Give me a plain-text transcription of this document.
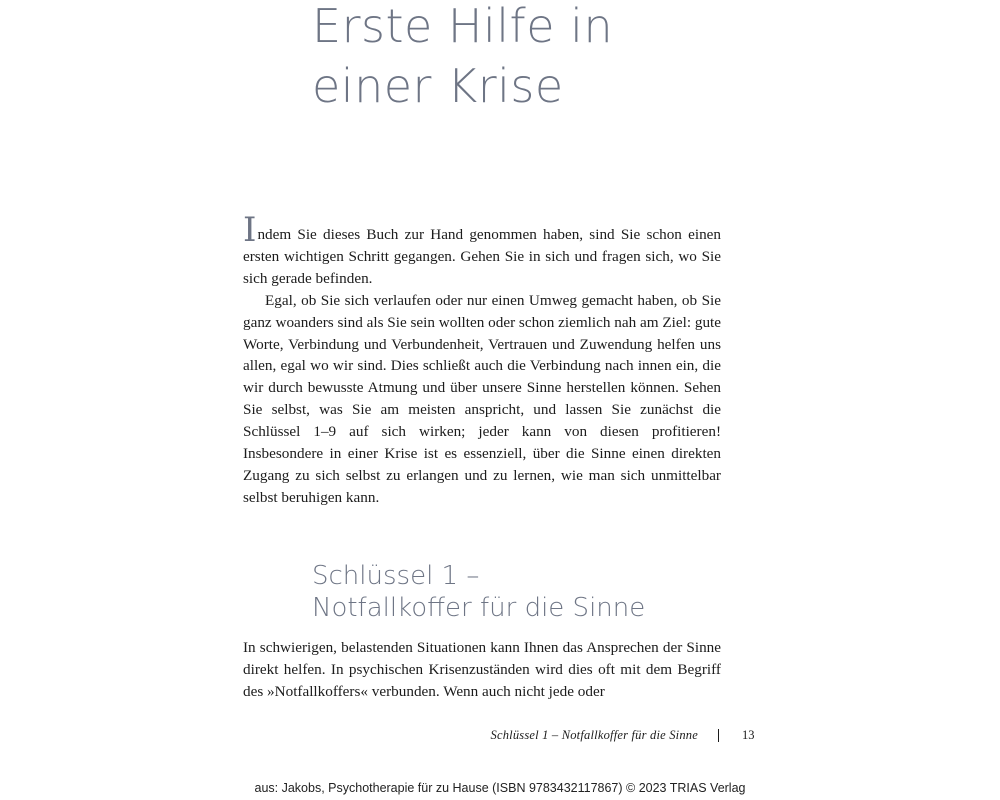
Erste Hilfe in
einer Krise

Indem Sie dieses Buch zur Hand genommen haben, sind Sie schon einen ersten wichtigen Schritt gegangen. Gehen Sie in sich und fragen sich, wo Sie sich gerade befinden.

Egal, ob Sie sich verlaufen oder nur einen Umweg gemacht haben, ob Sie ganz woanders sind als Sie sein wollten oder schon ziemlich nah am Ziel: gute Worte, Verbindung und Verbundenheit, Vertrauen und Zuwendung helfen uns allen, egal wo wir sind. Dies schließt auch die Verbindung nach innen ein, die wir durch bewusste Atmung und über unsere Sinne herstellen können. Sehen Sie selbst, was Sie am meisten anspricht, und lassen Sie zunächst die Schlüssel 1–9 auf sich wirken; jeder kann von diesen profitieren! Insbesondere in einer Krise ist es essenziell, über die Sinne einen direkten Zugang zu sich selbst zu erlangen und zu lernen, wie man sich unmittelbar selbst beruhigen kann.

Schlüssel 1 –
Notfallkoffer für die Sinne

In schwierigen, belastenden Situationen kann Ihnen das Ansprechen der Sinne direkt helfen. In psychischen Krisenzuständen wird dies oft mit dem Begriff des »Notfallkoffers« verbunden. Wenn auch nicht jede oder

Schlüssel 1 – Notfallkoffer für die Sinne	13
aus: Jakobs, Psychotherapie für zu Hause (ISBN 9783432117867) © 2023 TRIAS Verlag
